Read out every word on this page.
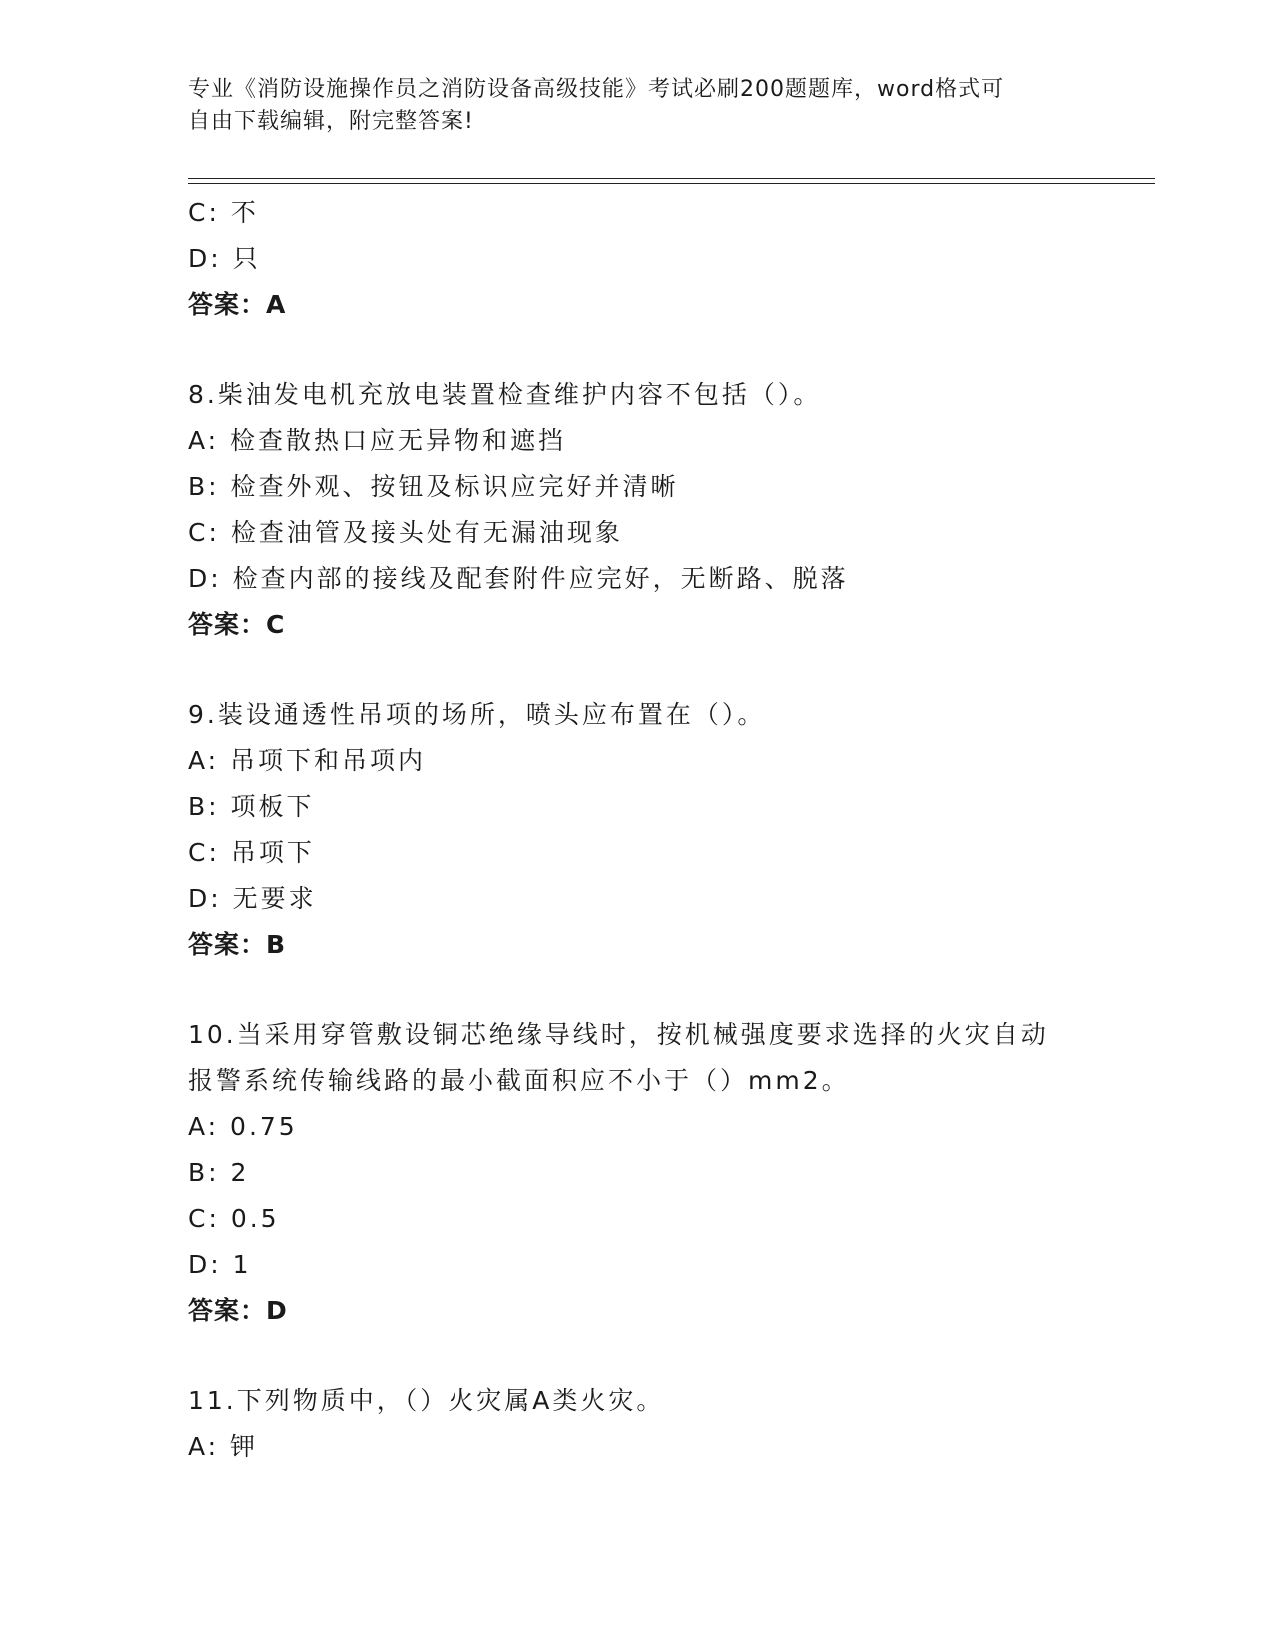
专业《消防设施操作员之消防设备高级技能》考试必刷200题题库，word格式可
自由下载编辑，附完整答案!
C: 不
D: 只
答案：A
8.柴油发电机充放电装置检查维护内容不包括（）。
A: 检查散热口应无异物和遮挡
B: 检查外观、按钮及标识应完好并清晰
C: 检查油管及接头处有无漏油现象
D: 检查内部的接线及配套附件应完好，无断路、脱落
答案：C
9.装设通透性吊项的场所，喷头应布置在（）。
A: 吊项下和吊项内
B: 项板下
C: 吊项下
D: 无要求
答案：B
10.当采用穿管敷设铜芯绝缘导线时，按机械强度要求选择的火灾自动
报警系统传输线路的最小截面积应不小于（）mm2。
A: 0.75
B: 2
C: 0.5
D: 1
答案：D
11.下列物质中，（）火灾属A类火灾。
A: 钾
